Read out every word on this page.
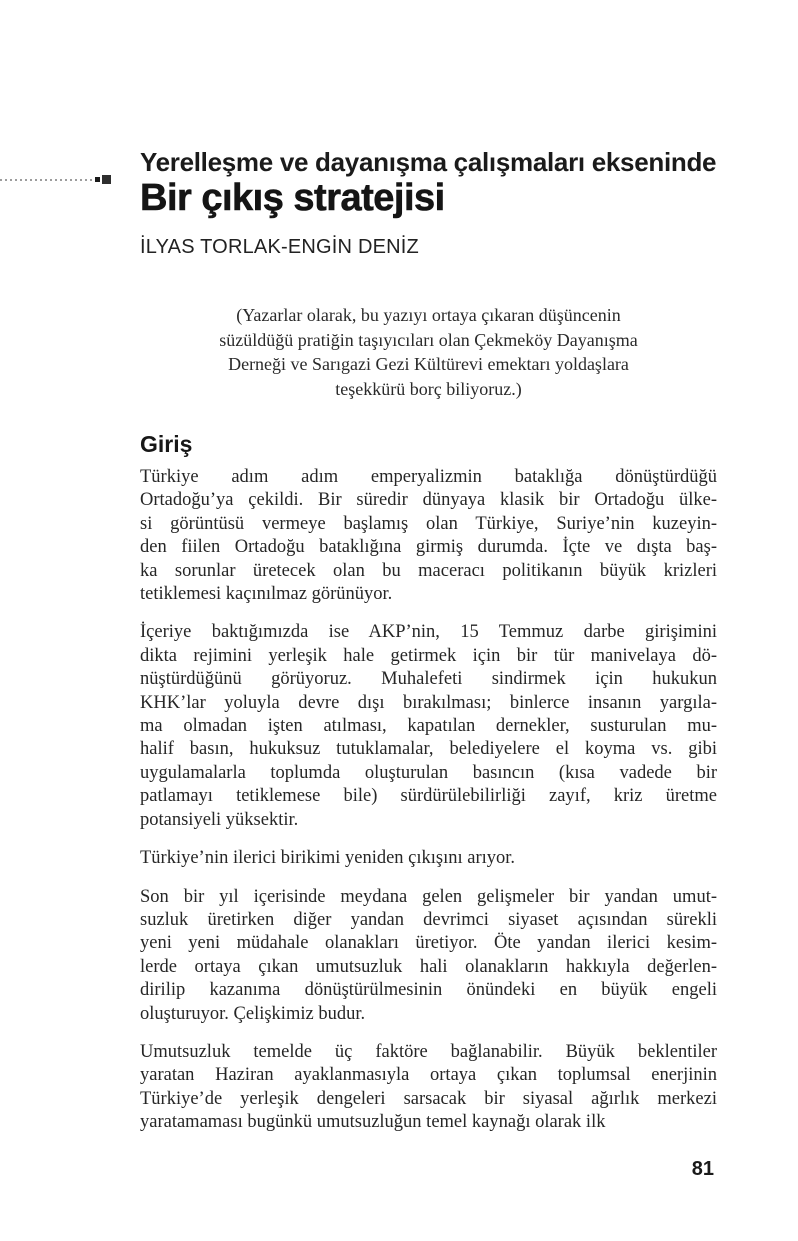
Yerelleşme ve dayanışma çalışmaları ekseninde
Bir çıkış stratejisi
İLYAS TORLAK-ENGİN DENİZ
(Yazarlar olarak, bu yazıyı ortaya çıkaran düşüncenin
süzüldüğü pratiğin taşıyıcıları olan Çekmeköy Dayanışma
Derneği ve Sarıgazi Gezi Kültürevi emektarı yoldaşlara
teşekkürü borç biliyoruz.)
Giriş
Türkiye adım adım emperyalizmin bataklığa dönüştürdüğü
Ortadoğu’ya çekildi. Bir süredir dünyaya klasik bir Ortadoğu ülke-
si görüntüsü vermeye başlamış olan Türkiye, Suriye’nin kuzeyin-
den fiilen Ortadoğu bataklığına girmiş durumda. İçte ve dışta baş-
ka sorunlar üretecek olan bu maceracı politikanın büyük krizleri
tetiklemesi kaçınılmaz görünüyor.
İçeriye baktığımızda ise AKP’nin, 15 Temmuz darbe girişimini
dikta rejimini yerleşik hale getirmek için bir tür manivelaya dö-
nüştürdüğünü görüyoruz. Muhalefeti sindirmek için hukukun
KHK’lar yoluyla devre dışı bırakılması; binlerce insanın yargıla-
ma olmadan işten atılması, kapatılan dernekler, susturulan mu-
halif basın, hukuksuz tutuklamalar, belediyelere el koyma vs. gibi
uygulamalarla toplumda oluşturulan basıncın (kısa vadede bir
patlamayı tetiklemese bile) sürdürülebilirliği zayıf, kriz üretme
potansiyeli yüksektir.
Türkiye’nin ilerici birikimi yeniden çıkışını arıyor.
Son bir yıl içerisinde meydana gelen gelişmeler bir yandan umut-
suzluk üretirken diğer yandan devrimci siyaset açısından sürekli
yeni yeni müdahale olanakları üretiyor. Öte yandan ilerici kesim-
lerde ortaya çıkan umutsuzluk hali olanakların hakkıyla değerlen-
dirilip kazanıma dönüştürülmesinin önündeki en büyük engeli
oluşturuyor. Çelişkimiz budur.
Umutsuzluk temelde üç faktöre bağlanabilir. Büyük beklentiler
yaratan Haziran ayaklanmasıyla ortaya çıkan toplumsal enerjinin
Türkiye’de yerleşik dengeleri sarsacak bir siyasal ağırlık merkezi
yaratamaması bugünkü umutsuzluğun temel kaynağı olarak ilk
81
